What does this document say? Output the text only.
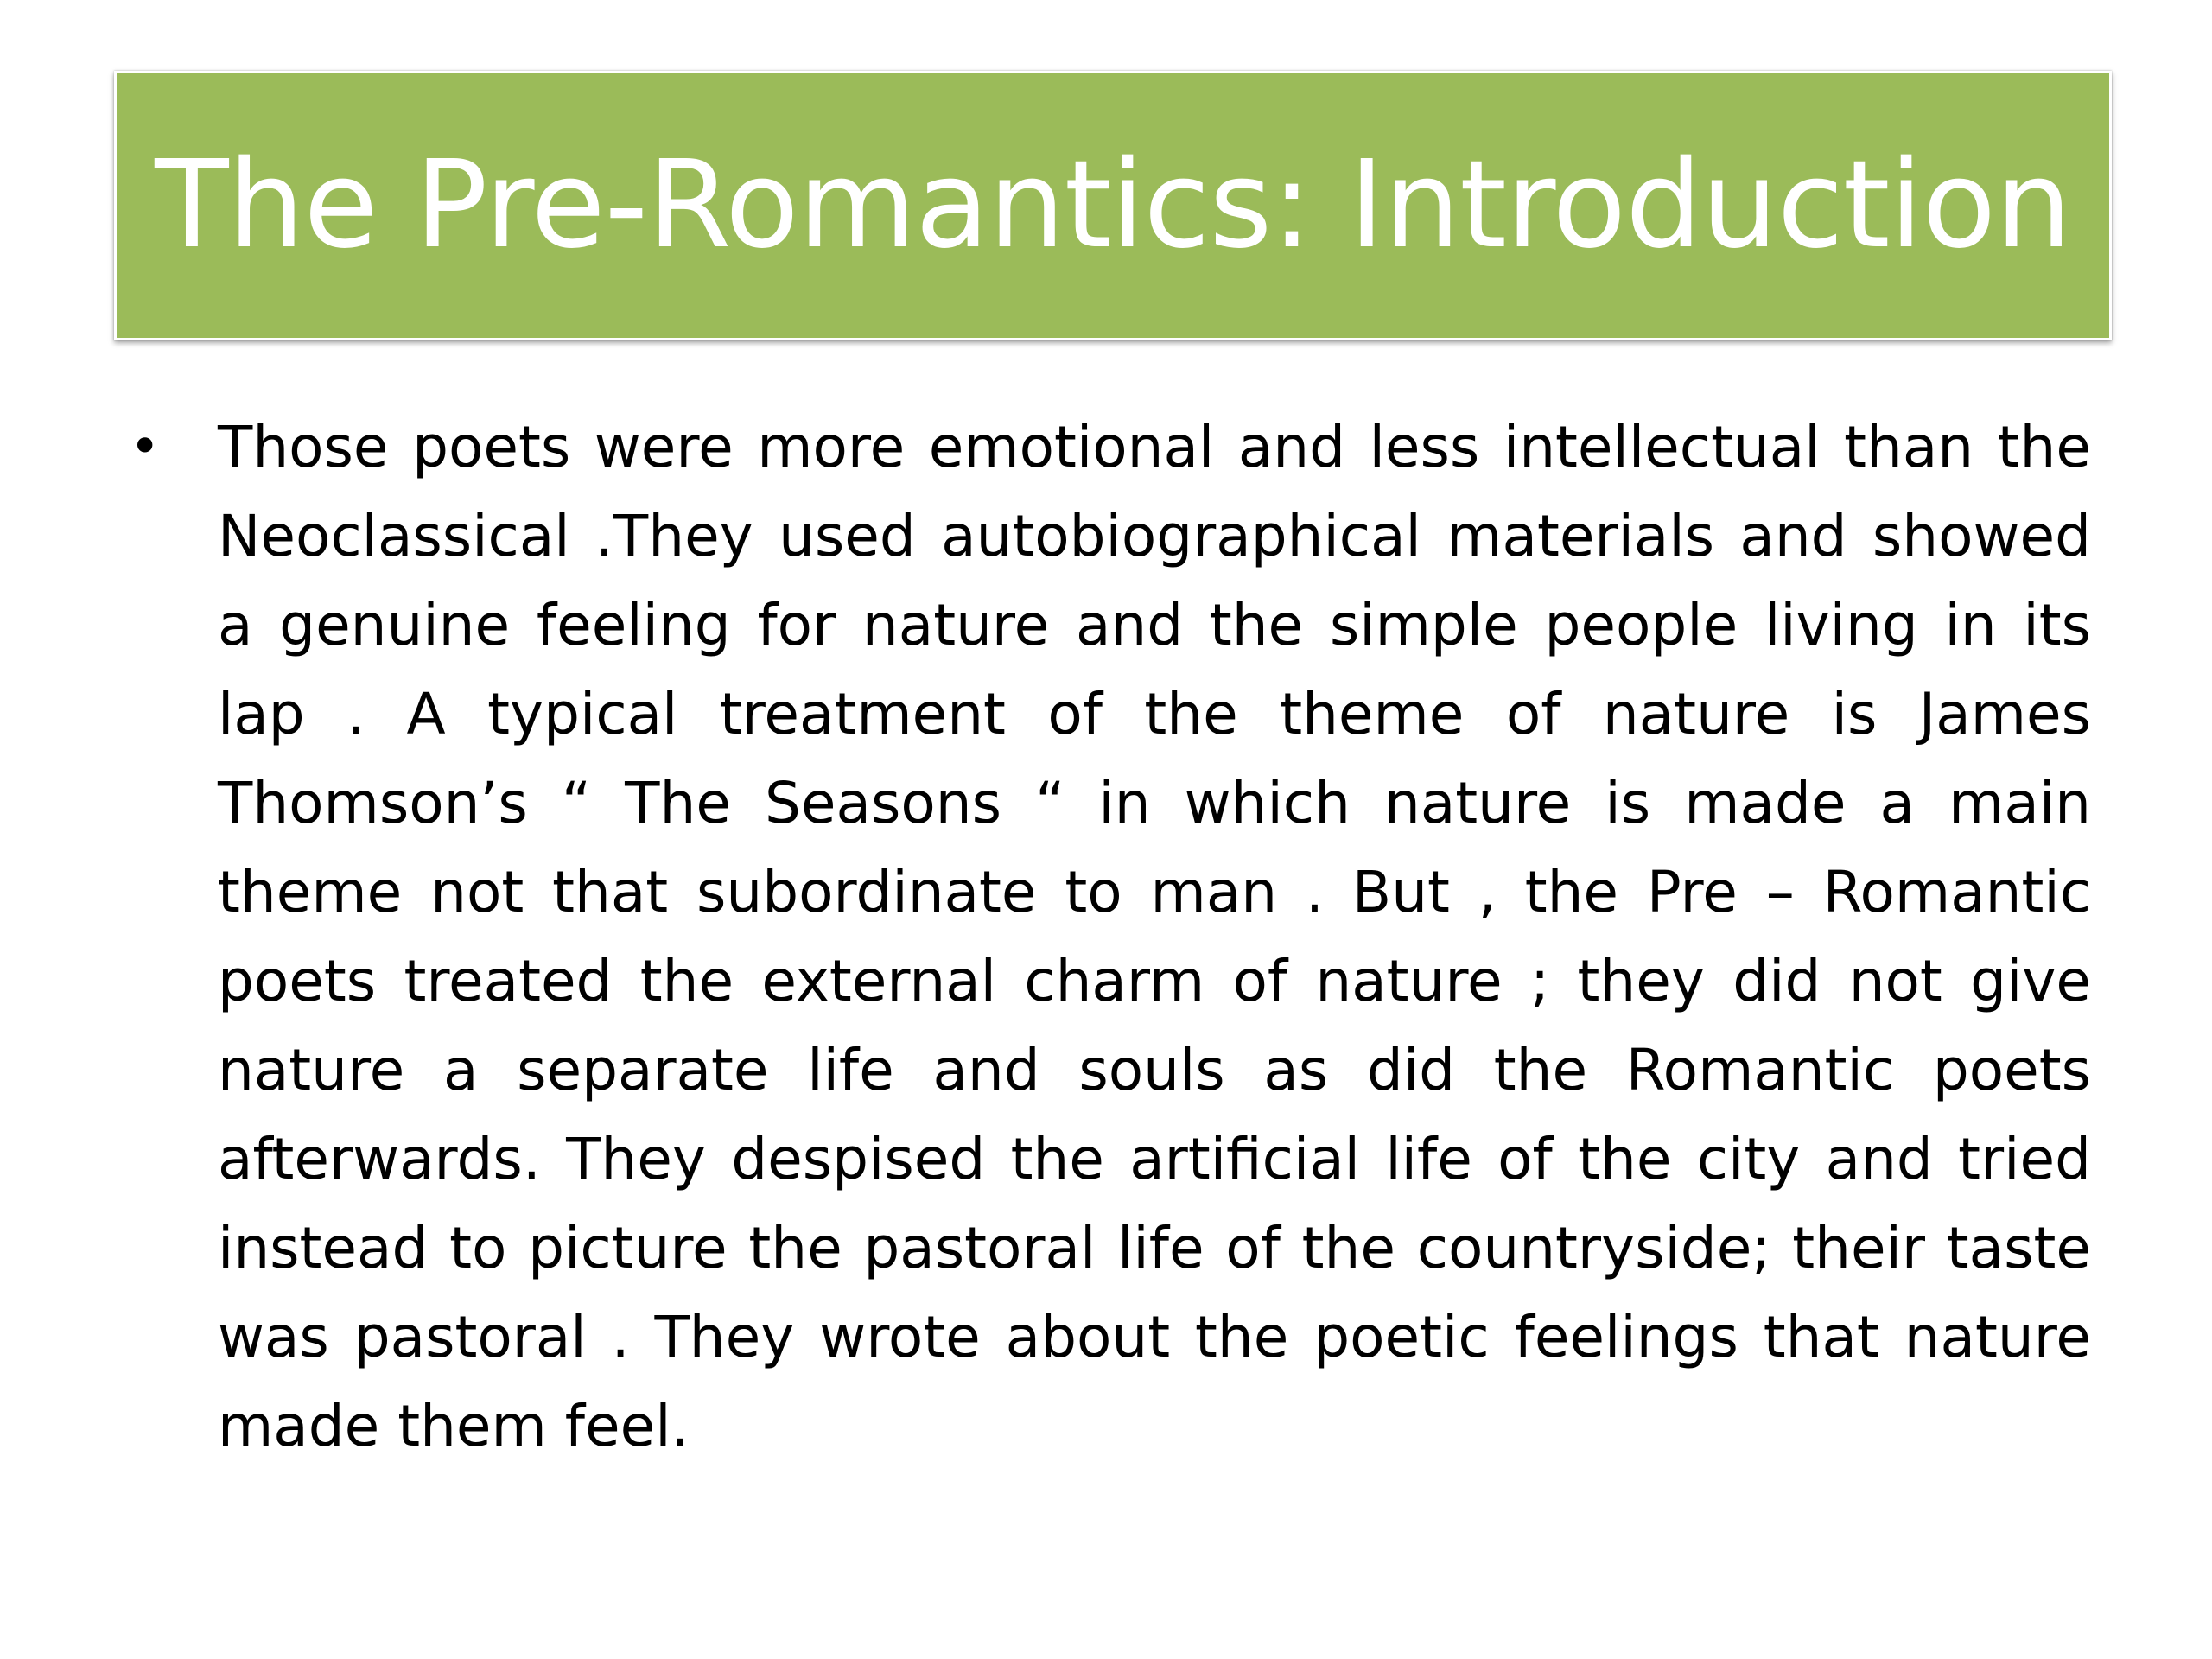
The Pre-Romantics: Introduction
• Those poets were more emotional and less intellectual than the Neoclassical .They used autobiographical materials and showed a genuine feeling for nature and the simple people living in its lap . A typical treatment of the theme of nature is James Thomson’s “ The Seasons “ in which nature is made a main theme not that subordinate to man . But , the Pre – Romantic poets treated the external charm of nature ; they did not give nature a separate life and souls as did the Romantic poets afterwards. They despised the artificial life of the city and tried instead to picture the pastoral life of the countryside; their taste was pastoral . They wrote about the poetic feelings that nature made them feel.
